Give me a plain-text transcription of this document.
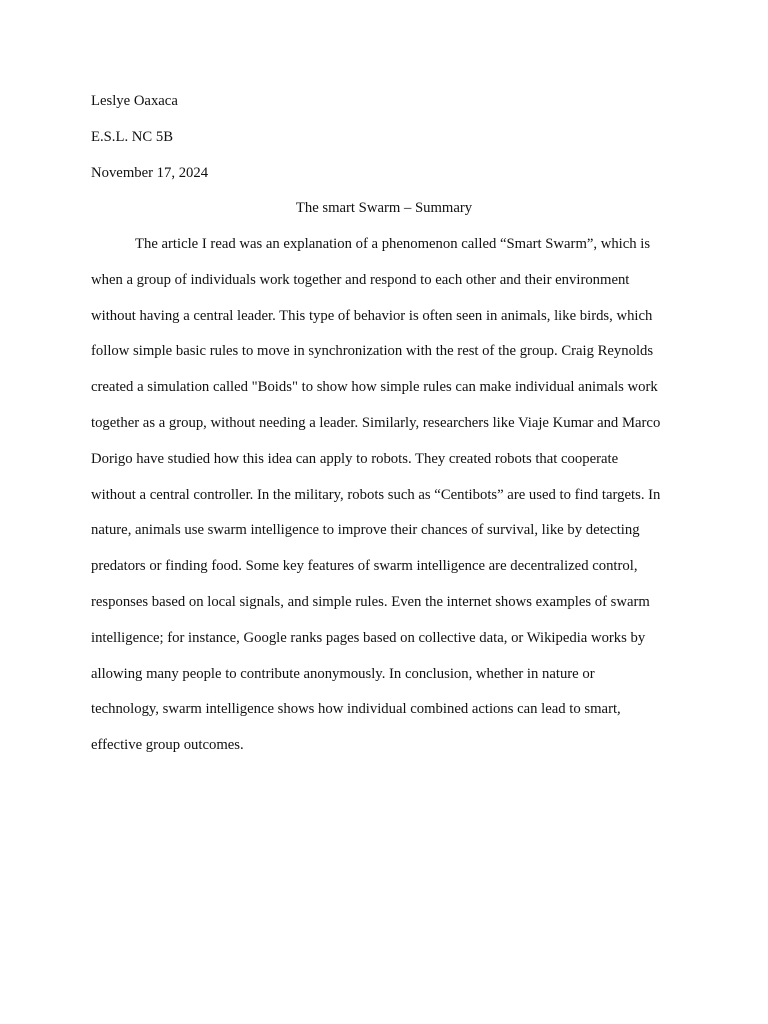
Leslye Oaxaca
E.S.L. NC 5B
November 17, 2024
The smart Swarm – Summary
The article I read was an explanation of a phenomenon called “Smart Swarm”, which is
when a group of individuals work together and respond to each other and their environment
without having a central leader. This type of behavior is often seen in animals, like birds, which
follow simple basic rules to move in synchronization with the rest of the group. Craig Reynolds
created a simulation called "Boids" to show how simple rules can make individual animals work
together as a group, without needing a leader. Similarly, researchers like Viaje Kumar and Marco
Dorigo have studied how this idea can apply to robots. They created robots that cooperate
without a central controller. In the military, robots such as “Centibots” are used to find targets. In
nature, animals use swarm intelligence to improve their chances of survival, like by detecting
predators or finding food. Some key features of swarm intelligence are decentralized control,
responses based on local signals, and simple rules. Even the internet shows examples of swarm
intelligence; for instance, Google ranks pages based on collective data, or Wikipedia works by
allowing many people to contribute anonymously. In conclusion, whether in nature or
technology, swarm intelligence shows how individual combined actions can lead to smart,
effective group outcomes.
